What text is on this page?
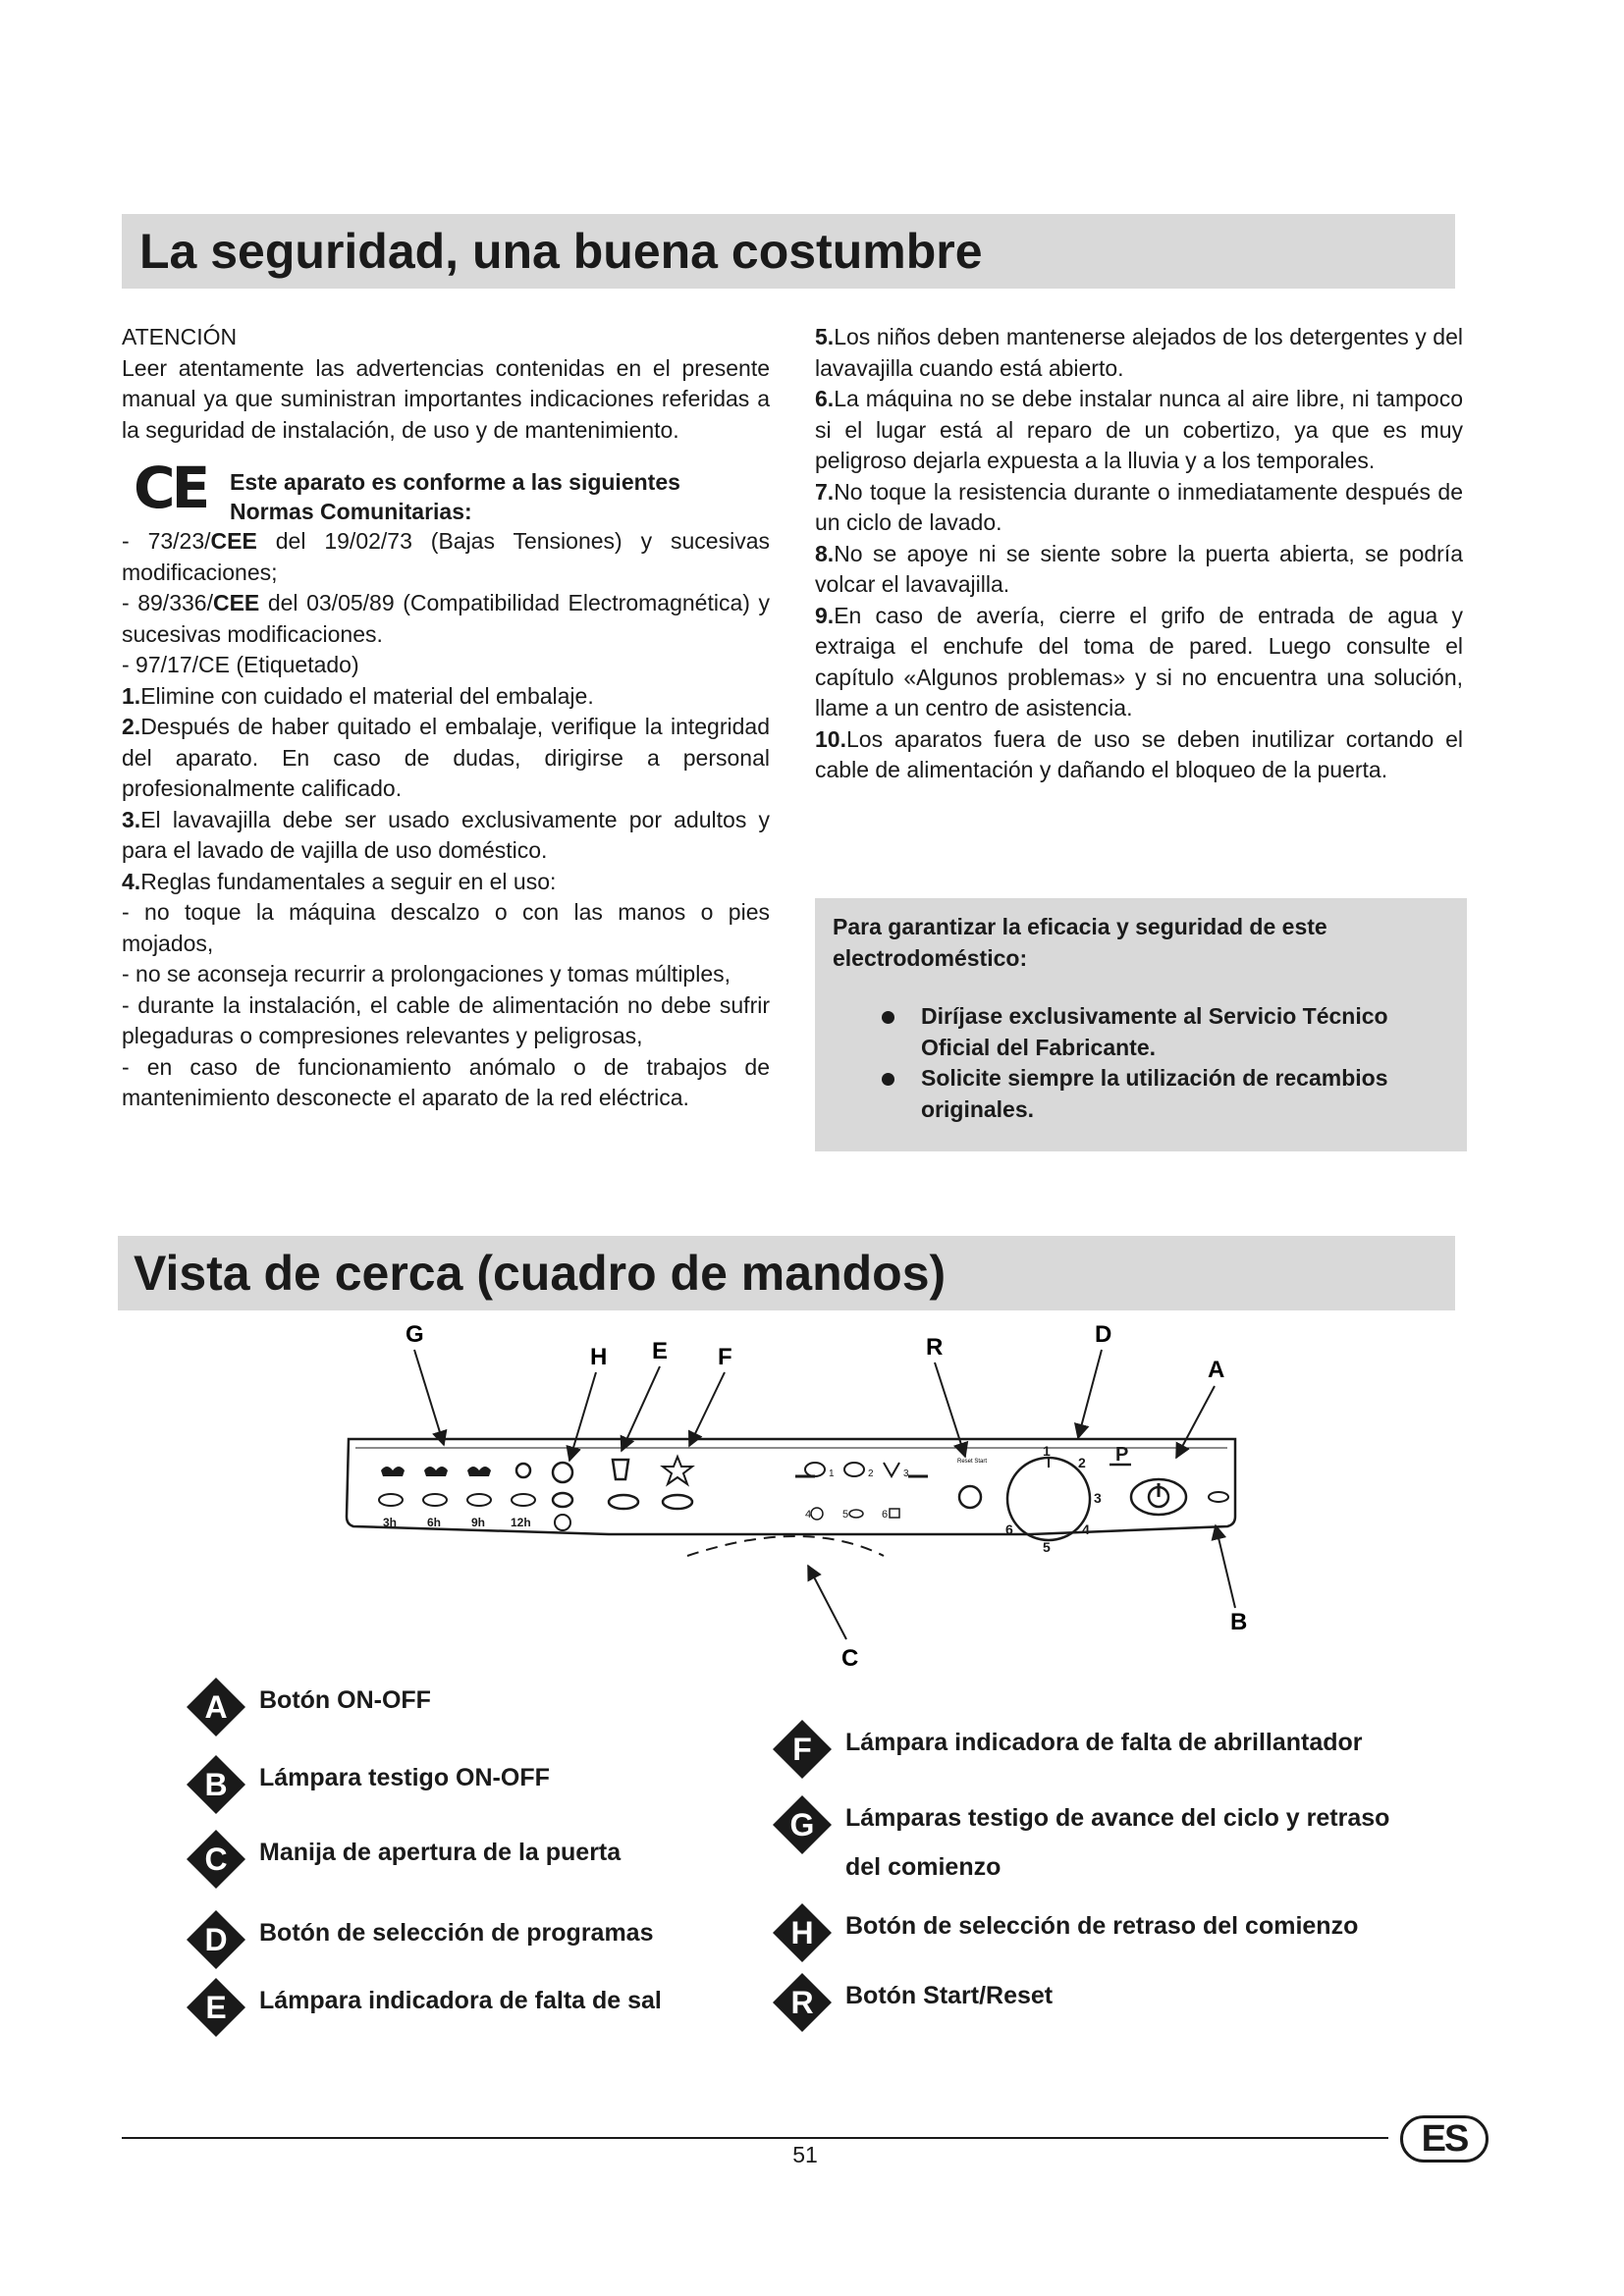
La seguridad, una buena costumbre

ATENCIÓN

Leer atentamente las advertencias contenidas en el presente manual ya que suministran importantes indicaciones referidas a la seguridad de instalación, de uso y de mantenimiento.

CE Este aparato es conforme a las siguientes Normas Comunitarias:

- 73/23/CEE del 19/02/73 (Bajas Tensiones) y sucesivas modificaciones;

- 89/336/CEE del 03/05/89 (Compatibilidad Electromagnética) y sucesivas modificaciones.

- 97/17/CE (Etiquetado)

1.Elimine con cuidado el material del embalaje.

2.Después de haber quitado el embalaje, verifique la integridad del aparato. En caso de dudas, dirigirse a personal profesionalmente calificado.

3.El lavavajilla debe ser usado exclusivamente por adultos y para el lavado de vajilla de uso doméstico.

4.Reglas fundamentales a seguir en el uso:

- no toque la máquina descalzo o con las manos o pies mojados,

- no se aconseja recurrir a prolongaciones y tomas múltiples,

- durante la instalación, el cable de alimentación no debe sufrir plegaduras o compresiones relevantes y peligrosas,

- en caso de funcionamiento anómalo o de trabajos de mantenimiento desconecte el aparato de la red eléctrica.

5.Los niños deben mantenerse alejados de los detergentes y del lavavajilla cuando está abierto.

6.La máquina no se debe instalar nunca al aire libre, ni tampoco si el lugar está al reparo de un cobertizo, ya que es muy peligroso dejarla expuesta a la lluvia y a los temporales.

7.No toque la resistencia durante o inmediatamente después de un ciclo de lavado.

8.No se apoye ni se siente sobre la puerta abierta, se podría volcar el lavavajilla.

9.En caso de avería, cierre el grifo de entrada de agua y extraiga el enchufe del toma de pared. Luego consulte el capítulo «Algunos problemas» y si no encuentra una solución, llame a un centro de asistencia.

10.Los aparatos fuera de uso se deben inutilizar cortando el cable de alimentación y dañando el bloqueo de la puerta.

Para garantizar la eficacia y seguridad de este electrodoméstico:
Diríjase exclusivamente al Servicio Técnico Oficial del Fabricante.
Solicite siempre la utilización de recambios originales.
Vista de cerca (cuadro de mandos)
G
H E F	R	D
A
B
C
3h	6h	9h 12h
1	2	3
4	5	6
Reset Start
1
2
3
4
5
6
P
A Botón ON-OFF
B Lámpara testigo ON-OFF
C Manija de apertura de la puerta
D Botón de selección de programas
E Lámpara indicadora de falta de sal
F Lámpara indicadora de falta de abrillantador
G Lámparas testigo de avance del ciclo y retraso del comienzo
H Botón de selección de retraso del comienzo
R Botón Start/Reset
51	ES
